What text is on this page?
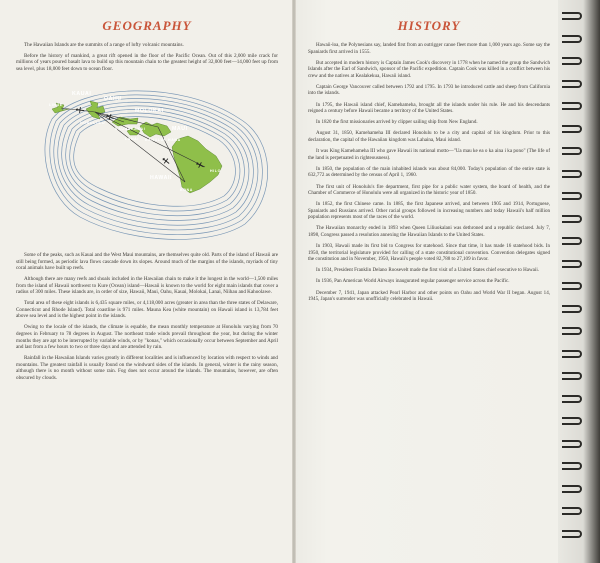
GEOGRAPHY

The Hawaiian Islands are the summits of a range of lofty volcanic mountains.

Before the history of mankind, a great rift opened in the floor of the Pacific Ocean. Out of this 2,000 mile crack for millions of years poured basalt lava to build up this mountain chain to the greatest height of 32,000 feet—14,000 feet up from sea level, plus 18,000 feet down to ocean floor.

KAUAI
OAHU
MOLOKAI
MAUI
HAWAII
LIHUE
HONOLULU
KAUNAKAKAI
LANAI KAHULUI HANA
KONA
HILO

Some of the peaks, such as Kauai and the West Maui mountains, are themselves quite old. Parts of the island of Hawaii are still being formed, as periodic lava flows cascade down its slopes. Around much of the margins of the islands, myriads of tiny coral animals have built up reefs.

Although there are many reefs and shoals included in the Hawaiian chain to make it the longest in the world—1,500 miles from the island of Hawaii northwest to Kure (Ocean) island—Hawaii is known to the world for eight main islands that cover a radius of 300 miles. These islands are, in order of size, Hawaii, Maui, Oahu, Kauai, Molokai, Lanai, Niihau and Kahoolawe.

Total area of these eight islands is 6,435 square miles, or 4,118,000 acres (greater in area than the three states of Delaware, Connecticut and Rhode Island). Total coastline is 971 miles. Mauna Kea (white mountain) on Hawaii island is 13,784 feet above sea level and is the highest point in the islands.

Owing to the locale of the islands, the climate is equable, the mean monthly temperature at Honolulu varying from 70 degrees in February to 78 degrees in August. The northeast trade winds prevail throughout the year, but during the winter months they are apt to be interrupted by variable winds, or by "konas," which occasionally occur between September and April and last from a few hours to two or three days and are attended by rain.

Rainfall in the Hawaiian Islands varies greatly in different localities and is influenced by location with respect to winds and mountains. The greatest rainfall is usually found on the windward sides of the islands. In general, winter is the rainy season, although there is no month without some rain. Fog does not occur around the islands. The mountains, however, are often obscured by clouds.

HISTORY

Hawaii-loa, the Polynesians say, landed first from an outrigger canoe fleet more than 1,000 years ago. Some say the Spaniards first arrived in 1555.

But accepted in modern history is Captain James Cook's discovery in 1778 when he named the group the Sandwich Islands after the Earl of Sandwich, sponsor of the Pacific expedition. Captain Cook was killed in a conflict between his crew and the natives at Kealakekua, Hawaii island.

Captain George Vancouver called between 1792 and 1795. In 1793 he introduced cattle and sheep from California into the islands.

In 1795, the Hawaii island chief, Kamehameha, brought all the islands under his rule. He and his descendants reigned a century before Hawaii became a territory of the United States.

In 1820 the first missionaries arrived by clipper sailing ship from New England.

August 31, 1850, Kamehameha III declared Honolulu to be a city and capital of his kingdom. Prior to this declaration, the capital of the Hawaiian kingdom was Lahaina, Maui island.

It was King Kamehameha III who gave Hawaii its national motto—"Ua mau ke ea o ka aina i ka pono" (The life of the land is perpetuated in righteousness).

In 1850, the population of the main inhabited islands was about 84,000. Today's population of the entire state is 632,772 as determined by the census of April 1, 1960.

The first unit of Honolulu's fire department, first pipe for a public water system, the board of health, and the Chamber of Commerce of Honolulu were all organized in the historic year of 1850.

In 1852, the first Chinese came. In 1885, the first Japanese arrived, and between 1905 and 1914, Portuguese, Spaniards and Russians arrived. Other racial groups followed in increasing numbers and today Hawaii's half million population represents most of the races of the world.

The Hawaiian monarchy ended in 1893 when Queen Liliuokalani was dethroned and a republic declared. July 7, 1898, Congress passed a resolution annexing the Hawaiian Islands to the United States.

In 1903, Hawaii made its first bid to Congress for statehood. Since that time, it has made 16 statehood bids. In 1950, the territorial legislature provided for calling of a state constitutional convention. Convention delegates signed the constitution and in November, 1950, Hawaii's people voted 82,788 to 27,109 in favor.

In 1934, President Franklin Delano Roosevelt made the first visit of a United States chief executive to Hawaii.

In 1936, Pan American World Airways inaugurated regular passenger service across the Pacific.

December 7, 1941, Japan attacked Pearl Harbor and other points on Oahu and World War II began. August 14, 1945, Japan's surrender was unofficially celebrated in Hawaii.
